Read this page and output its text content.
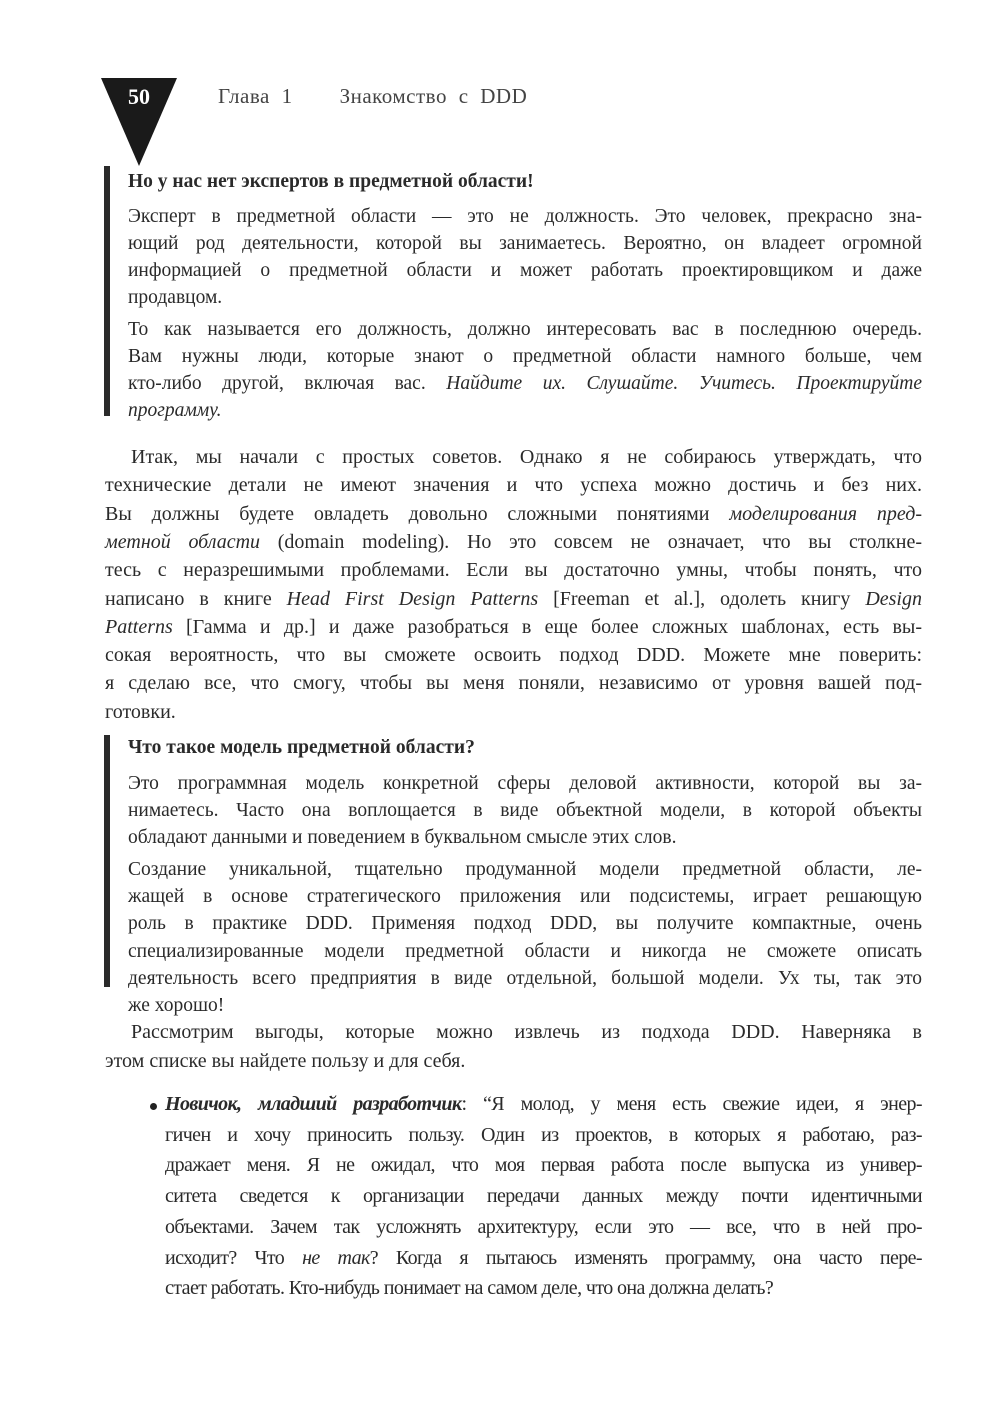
50	Глава 1    Знакомство с DDD
Но у нас нет экспертов в предметной области!
Эксперт в предметной области — это не должность. Это человек, прекрасно зна-
ющий род деятельности, которой вы занимаетесь. Вероятно, он владеет огромной
информацией о предметной области и может работать проектировщиком и даже
продавцом.
То как называется его должность, должно интересовать вас в последнюю очередь.
Вам нужны люди, которые знают о предметной области намного больше, чем
кто-либо другой, включая вас. Найдите их. Слушайте. Учитесь. Проектируйте
программу.
Итак, мы начали с простых советов. Однако я не собираюсь утверждать, что
технические детали не имеют значения и что успеха можно достичь и без них.
Вы должны будете овладеть довольно сложными понятиями моделирования пред-
метной области (domain modeling). Но это совсем не означает, что вы столкне-
тесь с неразрешимыми проблемами. Если вы достаточно умны, чтобы понять, что
написано в книге Head First Design Patterns [Freeman et al.], одолеть книгу Design
Patterns [Гамма и др.] и даже разобраться в еще более сложных шаблонах, есть вы-
сокая вероятность, что вы сможете освоить подход DDD. Можете мне поверить:
я сделаю все, что смогу, чтобы вы меня поняли, независимо от уровня вашей под-
готовки.
Что такое модель предметной области?
Это программная модель конкретной сферы деловой активности, которой вы за-
нимаетесь. Часто она воплощается в виде объектной модели, в которой объекты
обладают данными и поведением в буквальном смысле этих слов.
Создание уникальной, тщательно продуманной модели предметной области, ле-
жащей в основе стратегического приложения или подсистемы, играет решающую
роль в практике DDD. Применяя подход DDD, вы получите компактные, очень
специализированные модели предметной области и никогда не сможете описать
деятельность всего предприятия в виде отдельной, большой модели. Ух ты, так это
же хорошо!
Рассмотрим выгоды, которые можно извлечь из подхода DDD. Наверняка в
этом списке вы найдете пользу и для себя.
Новичок, младший разработчик: “Я молод, у меня есть свежие идеи, я энер-
гичен и хочу приносить пользу. Один из проектов, в которых я работаю, раз-
дражает меня. Я не ожидал, что моя первая работа после выпуска из универ-
ситета сведется к организации передачи данных между почти идентичными
объектами. Зачем так усложнять архитектуру, если это — все, что в ней про-
исходит? Что не так? Когда я пытаюсь изменять программу, она часто пере-
стает работать. Кто-нибудь понимает на самом деле, что она должна делать?
